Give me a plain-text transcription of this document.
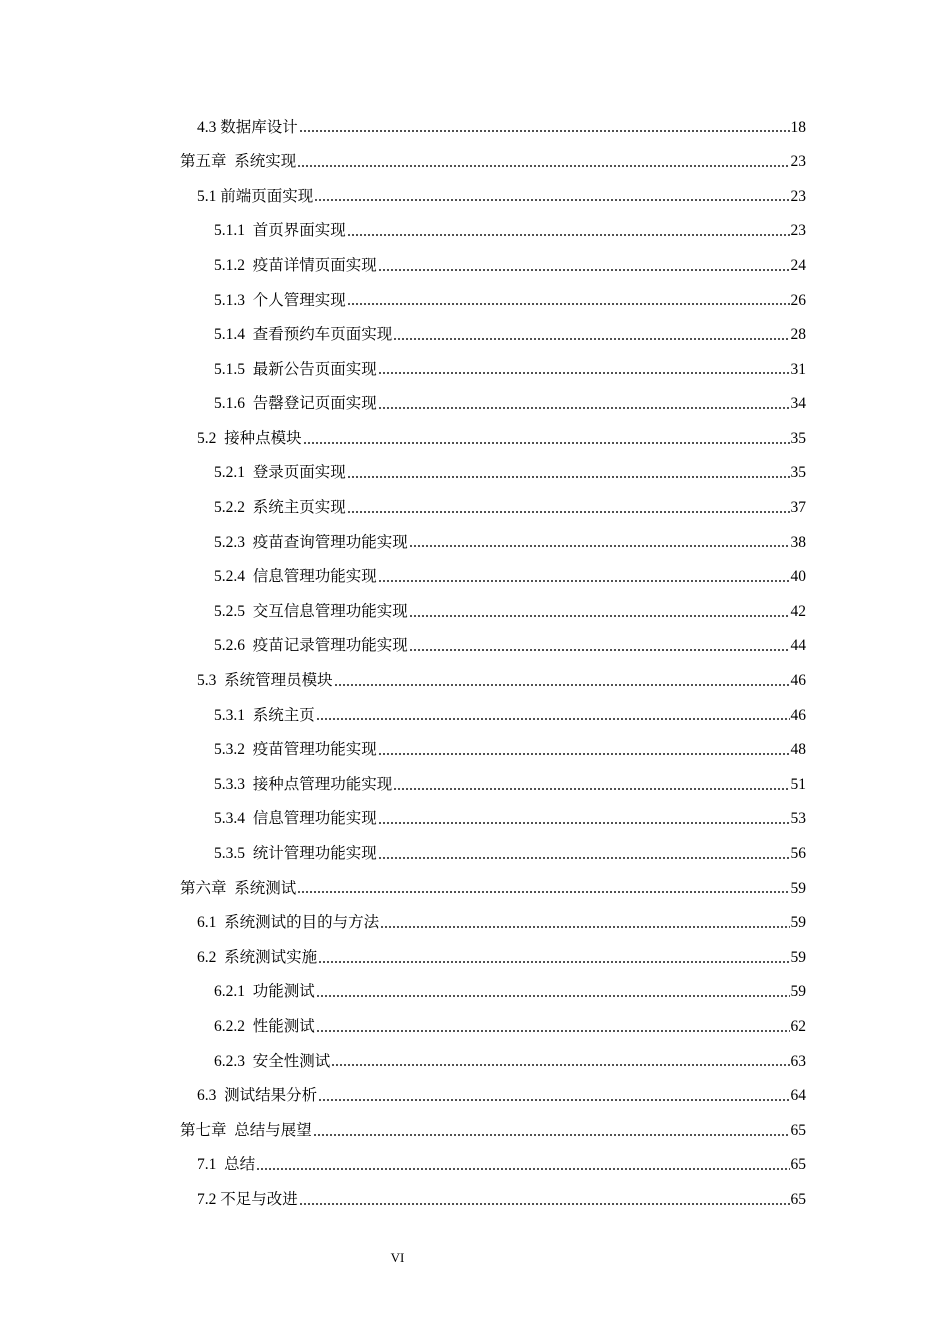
4.3 数据库设计	18
第五章  系统实现	23
5.1 前端页面实现	23
5.1.1  首页界面实现	23
5.1.2  疫苗详情页面实现	24
5.1.3  个人管理实现	26
5.1.4  查看预约车页面实现	28
5.1.5  最新公告页面实现	31
5.1.6  告罄登记页面实现	34
5.2  接种点模块	35
5.2.1  登录页面实现	35
5.2.2  系统主页实现	37
5.2.3  疫苗查询管理功能实现	38
5.2.4  信息管理功能实现	40
5.2.5  交互信息管理功能实现	42
5.2.6  疫苗记录管理功能实现	44
5.3  系统管理员模块	46
5.3.1  系统主页	46
5.3.2  疫苗管理功能实现	48
5.3.3  接种点管理功能实现	51
5.3.4  信息管理功能实现	53
5.3.5  统计管理功能实现	56
第六章  系统测试	59
6.1  系统测试的目的与方法	59
6.2  系统测试实施	59
6.2.1  功能测试	59
6.2.2  性能测试	62
6.2.3  安全性测试	63
6.3  测试结果分析	64
第七章  总结与展望	65
7.1  总结	65
7.2 不足与改进	65
VI
